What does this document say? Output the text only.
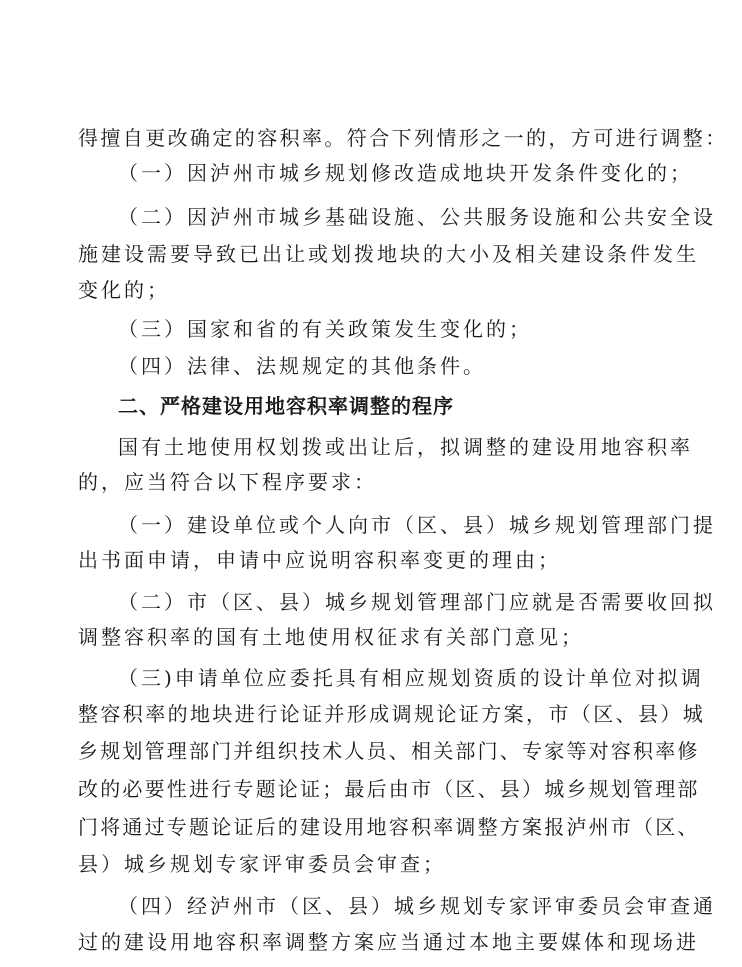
得擅自更改确定的容积率。符合下列情形之一的，方可进行调整：
（一）因泸州市城乡规划修改造成地块开发条件变化的；
（二）因泸州市城乡基础设施、公共服务设施和公共安全设
施建设需要导致已出让或划拨地块的大小及相关建设条件发生
变化的；
（三）国家和省的有关政策发生变化的；
（四）法律、法规规定的其他条件。
二、严格建设用地容积率调整的程序
国有土地使用权划拨或出让后，拟调整的建设用地容积率
的，应当符合以下程序要求：
（一）建设单位或个人向市（区、县）城乡规划管理部门提
出书面申请，申请中应说明容积率变更的理由；
（二）市（区、县）城乡规划管理部门应就是否需要收回拟
调整容积率的国有土地使用权征求有关部门意见；
（三)申请单位应委托具有相应规划资质的设计单位对拟调
整容积率的地块进行论证并形成调规论证方案，市（区、县）城
乡规划管理部门并组织技术人员、相关部门、专家等对容积率修
改的必要性进行专题论证；最后由市（区、县）城乡规划管理部
门将通过专题论证后的建设用地容积率调整方案报泸州市（区、
县）城乡规划专家评审委员会审查；
（四）经泸州市（区、县）城乡规划专家评审委员会审查通
过的建设用地容积率调整方案应当通过本地主要媒体和现场进
